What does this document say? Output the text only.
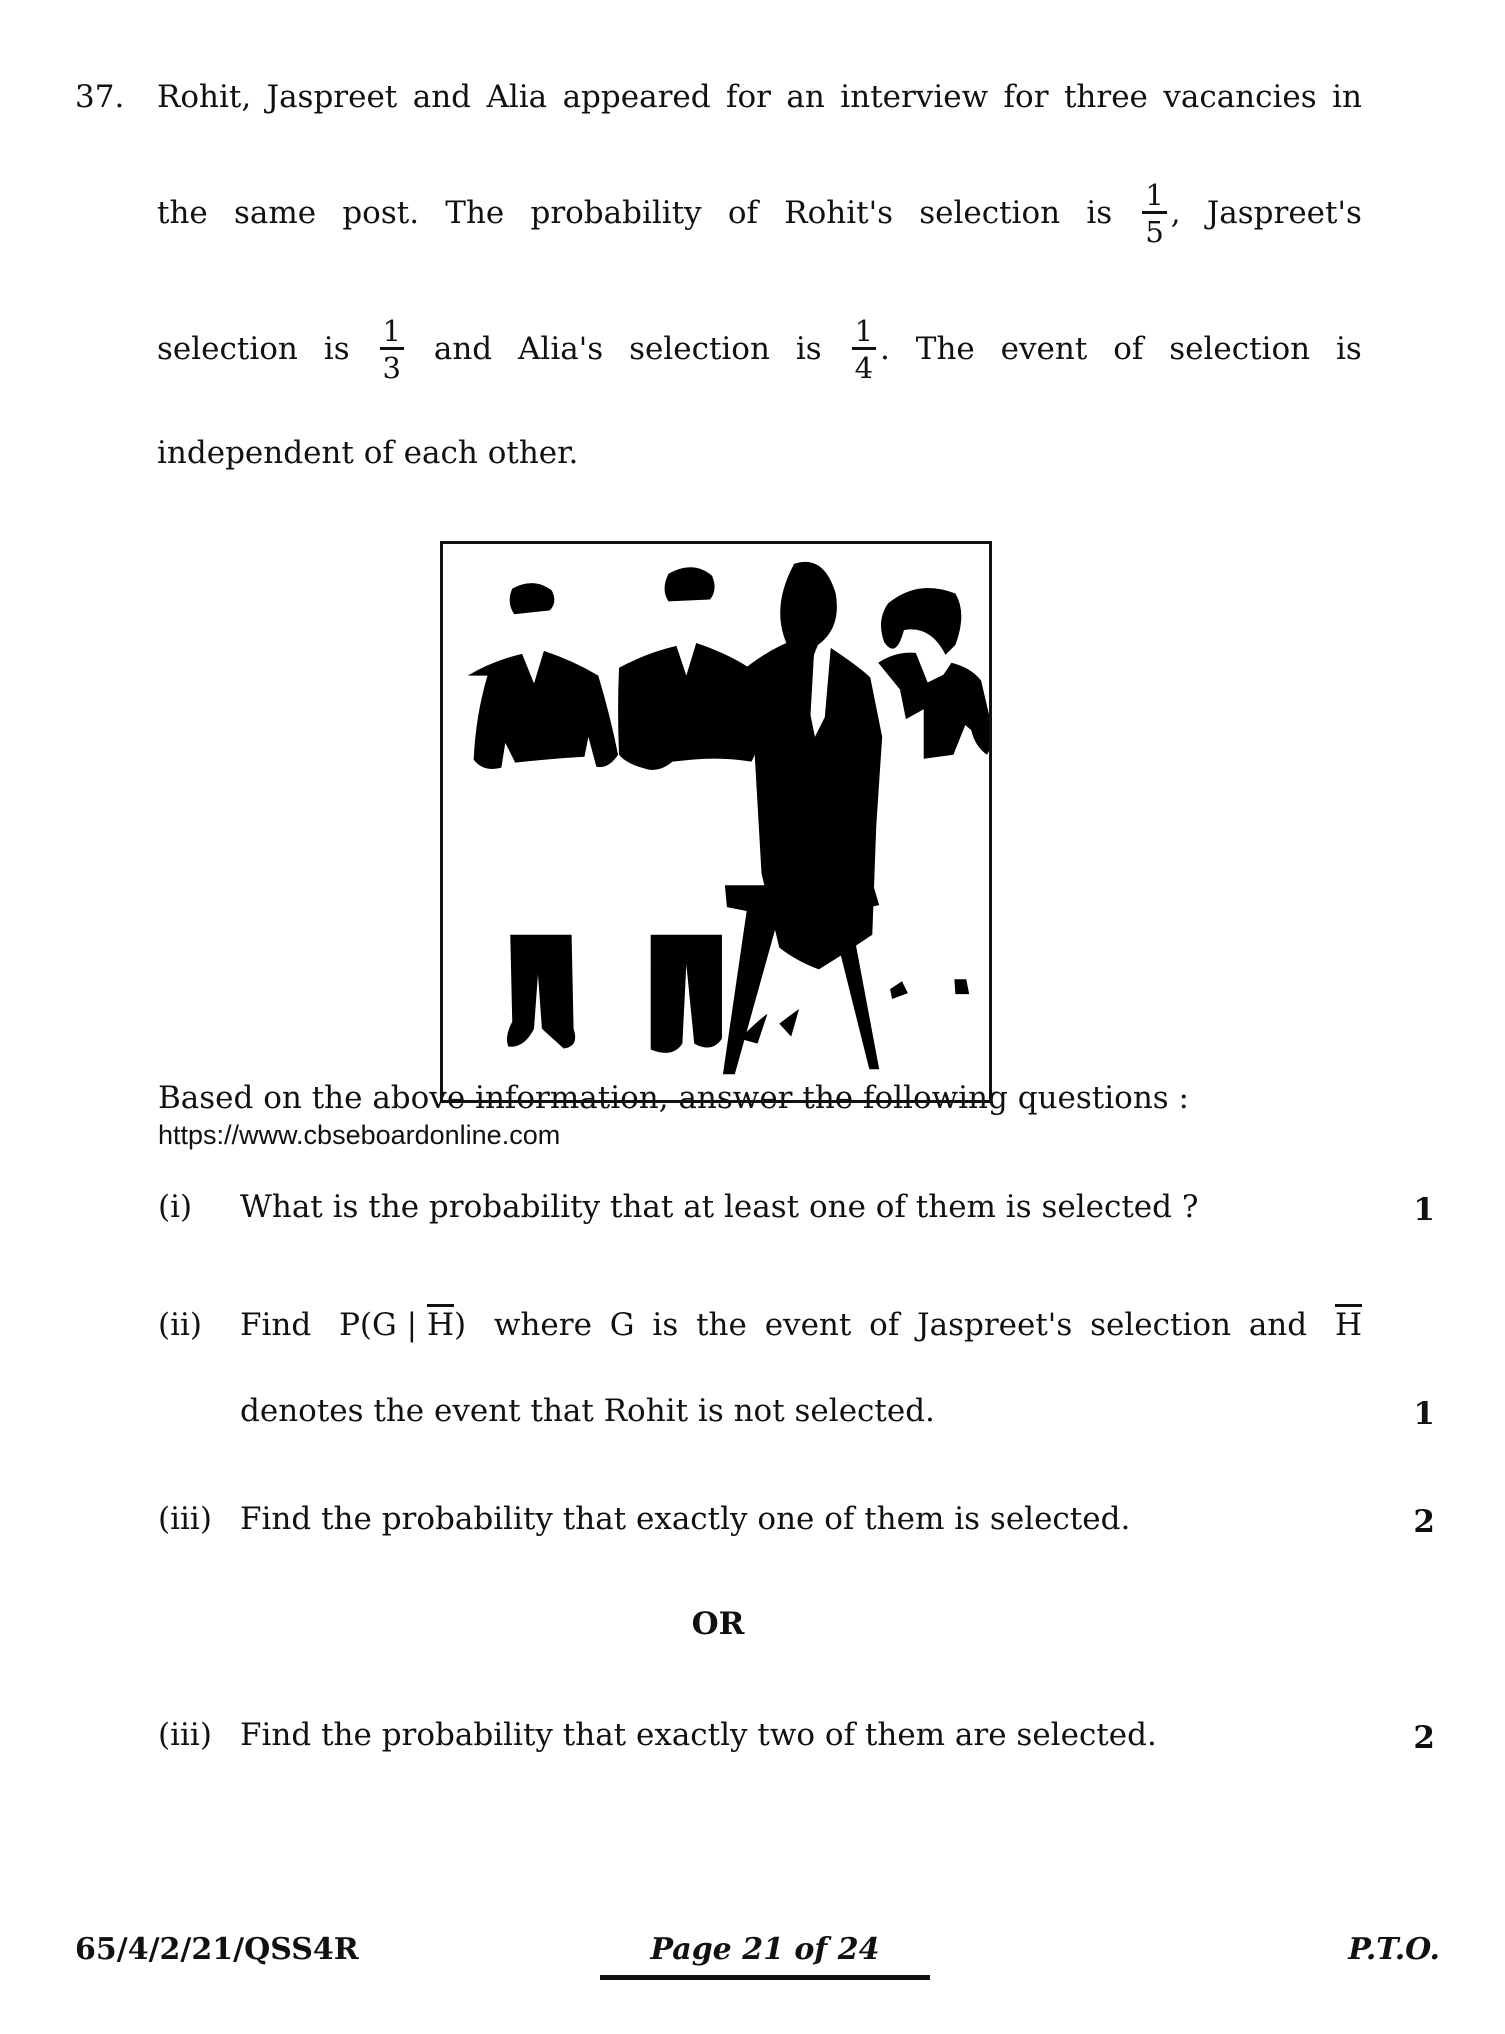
37. Rohit, Jaspreet and Alia appeared for an interview for three vacancies in
the same post. The probability of Rohit's selection is $\frac{1}{5}$ , Jaspreet's
selection is $\frac{1}{3}$ and Alia's selection is $\frac{1}{4}$ . The event of selection is
independent of each other.
Based on the above information, answer the following questions :
https://www.cbseboardonline.com
(i) What is the probability that at least one of them is selected ?	1
(ii) Find P(G | $\overline{H}$) where G is the event of Jaspreet's selection and $\overline{H}$
denotes the event that Rohit is not selected.	1
(iii) Find the probability that exactly one of them is selected.	2
OR
(iii) Find the probability that exactly two of them are selected.	2
65/4/2/21/QSS4R	Page 21 of 24	P.T.O.
